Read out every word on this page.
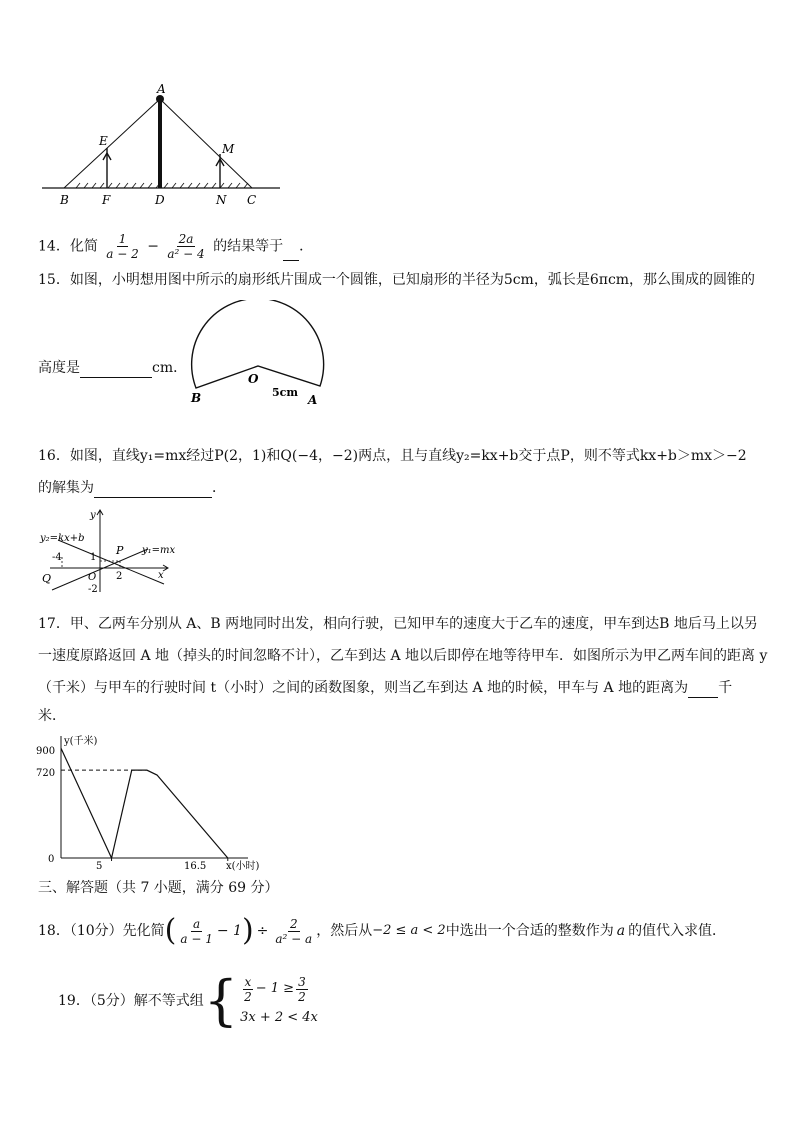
A
E
M
B	F	D	N C
14．化简 $\frac{1}{a - 2} - \frac{2a}{\text{a² − 4}}$ 的结果等于 ．
15．如图，小明想用图中所示的扇形纸片围成一个圆锥，已知扇形的半径为5cm，弧长是6πcm，那么围成的圆锥的
高度是	cm．
O
B	A
5cm
16．如图，直线y₁=mx经过P(2，1)和Q(−4，−2)两点，且与直线y₂=kx+b交于点P，则不等式kx+b＞mx＞−2
的解集为	．
y
x
y₂=kx+b
y₁=mx
P
Q	O
-4	1
2
-2
17．甲、乙两车分别从 A、B 两地同时出发，相向行驶，已知甲车的速度大于乙车的速度，甲车到达B 地后马上以另
一速度原路返回 A 地（掉头的时间忽略不计），乙车到达 A 地以后即停在地等待甲车．如图所示为甲乙两车间的距离 y
（千米）与甲车的行驶时间 t（小时）之间的函数图象，则当乙车到达 A 地的时候，甲车与 A 地的距离为 千
米．
y(千米)
x(小时)
900
720
0
5	16.5
三、解答题（共 7 小题，满分 69 分）
18．（10分）先化简 ( $\frac{a}{a - 1} - 1$ ) ÷ $\frac{2}{\text{a² − a}}$ ，然后从 −2 ≤ a < 2 中选出一个合适的整数作为 a 的值代入求值．
19．（5分）解不等式组 { $\frac{x}{2} - 1 \ge \frac{3}{2}$
3x + 2 < 4x
